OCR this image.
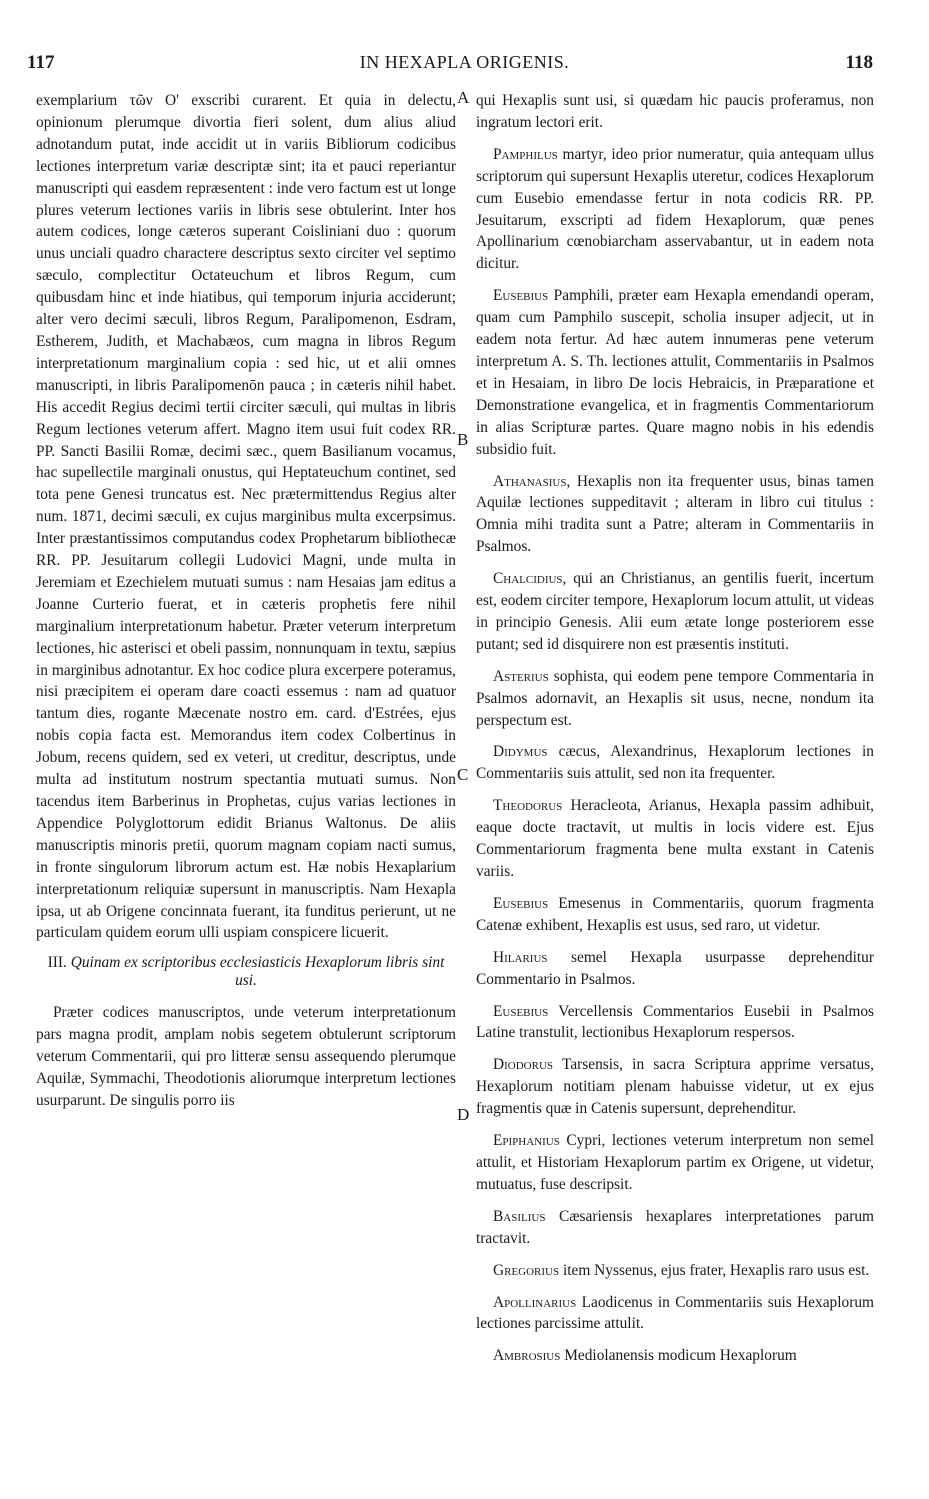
117	IN HEXAPLA ORIGENIS.	118

exemplarium τῶν O' exscribi curarent. Et quia in delectu, opinionum plerumque divortia fieri solent, dum alius aliud adnotandum putat, inde accidit ut in variis Bibliorum codicibus lectiones interpretum variæ descriptæ sint; ita et pauci reperiantur manuscripti qui easdem repræsentent : inde vero factum est ut longe plures veterum lectiones variis in libris sese obtulerint. Inter hos autem codices, longe cæteros superant Coisliniani duo : quorum unus unciali quadro charactere descriptus sexto circiter vel septimo sæculo, complectitur Octateuchum et libros Regum, cum quibusdam hinc et inde hiatibus, qui temporum injuria acciderunt; alter vero decimi sæculi, libros Regum, Paralipomenon, Esdram, Estherem, Judith, et Machabæos, cum magna in libros Regum interpretationum marginalium copia : sed hic, ut et alii omnes manuscripti, in libris Paralipomenōn pauca ; in cæteris nihil habet. His accedit Regius decimi tertii circiter sæculi, qui multas in libris Regum lectiones veterum affert. Magno item usui fuit codex RR. PP. Sancti Basilii Romæ, decimi sæc., quem Basilianum vocamus, hac supellectile marginali onustus, qui Heptateuchum continet, sed tota pene Genesi truncatus est. Nec prætermittendus Regius alter num. 1871, decimi sæculi, ex cujus marginibus multa excerpsimus. Inter præstantissimos computandus codex Prophetarum bibliothecæ RR. PP. Jesuitarum collegii Ludovici Magni, unde multa in Jeremiam et Ezechielem mutuati sumus : nam Hesaias jam editus a Joanne Curterio fuerat, et in cæteris prophetis fere nihil marginalium interpretationum habetur. Præter veterum interpretum lectiones, hic asterisci et obeli passim, nonnunquam in textu, sæpius in marginibus adnotantur. Ex hoc codice plura excerpere poteramus, nisi præcipitem ei operam dare coacti essemus : nam ad quatuor tantum dies, rogante Mæcenate nostro em. card. d'Estrées, ejus nobis copia facta est. Memorandus item codex Colbertinus in Jobum, recens quidem, sed ex veteri, ut creditur, descriptus, unde multa ad institutum nostrum spectantia mutuati sumus. Non tacendus item Barberinus in Prophetas, cujus varias lectiones in Appendice Polyglottorum edidit Brianus Waltonus. De aliis manuscriptis minoris pretii, quorum magnam copiam nacti sumus, in fronte singulorum librorum actum est. Hæ nobis Hexaplarium interpretationum reliquiæ supersunt in manuscriptis. Nam Hexapla ipsa, ut ab Origene concinnata fuerant, ita funditus perierunt, ut ne particulam quidem eorum ulli uspiam conspicere licuerit.

III. Quinam ex scriptoribus ecclesiasticis Hexaplorum libris sint usi.

Præter codices manuscriptos, unde veterum interpretationum pars magna prodit, amplam nobis segetem obtulerunt scriptorum veterum Commentarii, qui pro litteræ sensu assequendo plerumque Aquilæ, Symmachi, Theodotionis aliorumque interpretum lectiones usurparunt. De singulis porro iis

A
B
C
D

qui Hexaplis sunt usi, si quædam hic paucis proferamus, non ingratum lectori erit.

Pamphilus martyr, ideo prior numeratur, quia antequam ullus scriptorum qui supersunt Hexaplis uteretur, codices Hexaplorum cum Eusebio emendasse fertur in nota codicis RR. PP. Jesuitarum, exscripti ad fidem Hexaplorum, quæ penes Apollinarium cœnobiarcham asservabantur, ut in eadem nota dicitur.

Eusebius Pamphili, præter eam Hexapla emendandi operam, quam cum Pamphilo suscepit, scholia insuper adjecit, ut in eadem nota fertur. Ad hæc autem innumeras pene veterum interpretum A. S. Th. lectiones attulit, Commentariis in Psalmos et in Hesaiam, in libro De locis Hebraicis, in Præparatione et Demonstratione evangelica, et in fragmentis Commentariorum in alias Scripturæ partes. Quare magno nobis in his edendis subsidio fuit.

Athanasius, Hexaplis non ita frequenter usus, binas tamen Aquilæ lectiones suppeditavit ; alteram in libro cui titulus : Omnia mihi tradita sunt a Patre; alteram in Commentariis in Psalmos.

Chalcidius, qui an Christianus, an gentilis fuerit, incertum est, eodem circiter tempore, Hexaplorum locum attulit, ut videas in principio Genesis. Alii eum ætate longe posteriorem esse putant; sed id disquirere non est præsentis instituti.

Asterius sophista, qui eodem pene tempore Commentaria in Psalmos adornavit, an Hexaplis sit usus, necne, nondum ita perspectum est.

Didymus cæcus, Alexandrinus, Hexaplorum lectiones in Commentariis suis attulit, sed non ita frequenter.

Theodorus Heracleota, Arianus, Hexapla passim adhibuit, eaque docte tractavit, ut multis in locis videre est. Ejus Commentariorum fragmenta bene multa exstant in Catenis variis.

Eusebius Emesenus in Commentariis, quorum fragmenta Catenæ exhibent, Hexaplis est usus, sed raro, ut videtur.

Hilarius semel Hexapla usurpasse deprehenditur Commentario in Psalmos.

Eusebius Vercellensis Commentarios Eusebii in Psalmos Latine transtulit, lectionibus Hexaplorum respersos.

Diodorus Tarsensis, in sacra Scriptura apprime versatus, Hexaplorum notitiam plenam habuisse videtur, ut ex ejus fragmentis quæ in Catenis supersunt, deprehenditur.

Epiphanius Cypri, lectiones veterum interpretum non semel attulit, et Historiam Hexaplorum partim ex Origene, ut videtur, mutuatus, fuse descripsit.

Basilius Cæsariensis hexaplares interpretationes parum tractavit.

Gregorius item Nyssenus, ejus frater, Hexaplis raro usus est.

Apollinarius Laodicenus in Commentariis suis Hexaplorum lectiones parcissime attulit.

Ambrosius Mediolanensis modicum Hexaplorum
